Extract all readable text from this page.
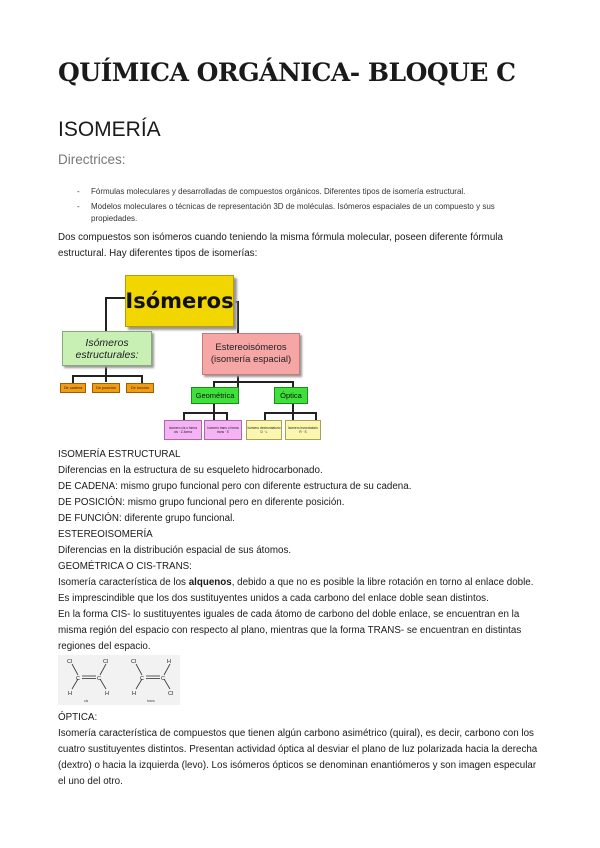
QUÍMICA ORGÁNICA- BLOQUE C
ISOMERÍA
Directrices:
- Fórmulas moleculares y desarrolladas de compuestos orgánicos. Diferentes tipos de isomería estructural.
- Modelos moleculares o técnicas de representación 3D de moléculas. Isómeros espaciales de un compuesto y sus propiedades.

Dos compuestos son isómeros cuando teniendo la misma fórmula molecular, poseen diferente fórmula estructural. Hay diferentes tipos de isomerías:

Isómeros
Isómeros estructurales:
Estereoisómeros
(isomería espacial)
De cadena	De posición	De función
Geométrica	Óptica
Isómero cis o forma
cis · Z-forma
Isómero trans o forma
trans · E
Isómero dextrorotatorio
D · L
Isómero levorotatorio
R · S

ISOMERÍA ESTRUCTURAL

Diferencias en la estructura de su esqueleto hidrocarbonado.

DE CADENA: mismo grupo funcional pero con diferente estructura de su cadena.

DE POSICIÓN: mismo grupo funcional pero en diferente posición.

DE FUNCIÓN: diferente grupo funcional.

ESTEREOISOMERÍA

Diferencias en la distribución espacial de sus átomos.

GEOMÉTRICA O CIS-TRANS:

Isomería característica de los alquenos, debido a que no es posible la libre rotación en torno al enlace doble. Es imprescindible que los dos sustituyentes unidos a cada carbono del enlace doble sean distintos.

En la forma CIS- lo sustituyentes iguales de cada átomo de carbono del doble enlace, se encuentran en la misma región del espacio con respecto al plano, mientras que la forma TRANS- se encuentran en distintas regiones del espacio.

Cl
C
H
C
Cl
H
Cl
C
H
C
H
Cl
cis	trans

ÓPTICA:

Isomería característica de compuestos que tienen algún carbono asimétrico (quiral), es decir, carbono con los cuatro sustituyentes distintos. Presentan actividad óptica al desviar el plano de luz polarizada hacia la derecha (dextro) o hacia la izquierda (levo). Los isómeros ópticos se denominan enantiómeros y son imagen especular el uno del otro.
